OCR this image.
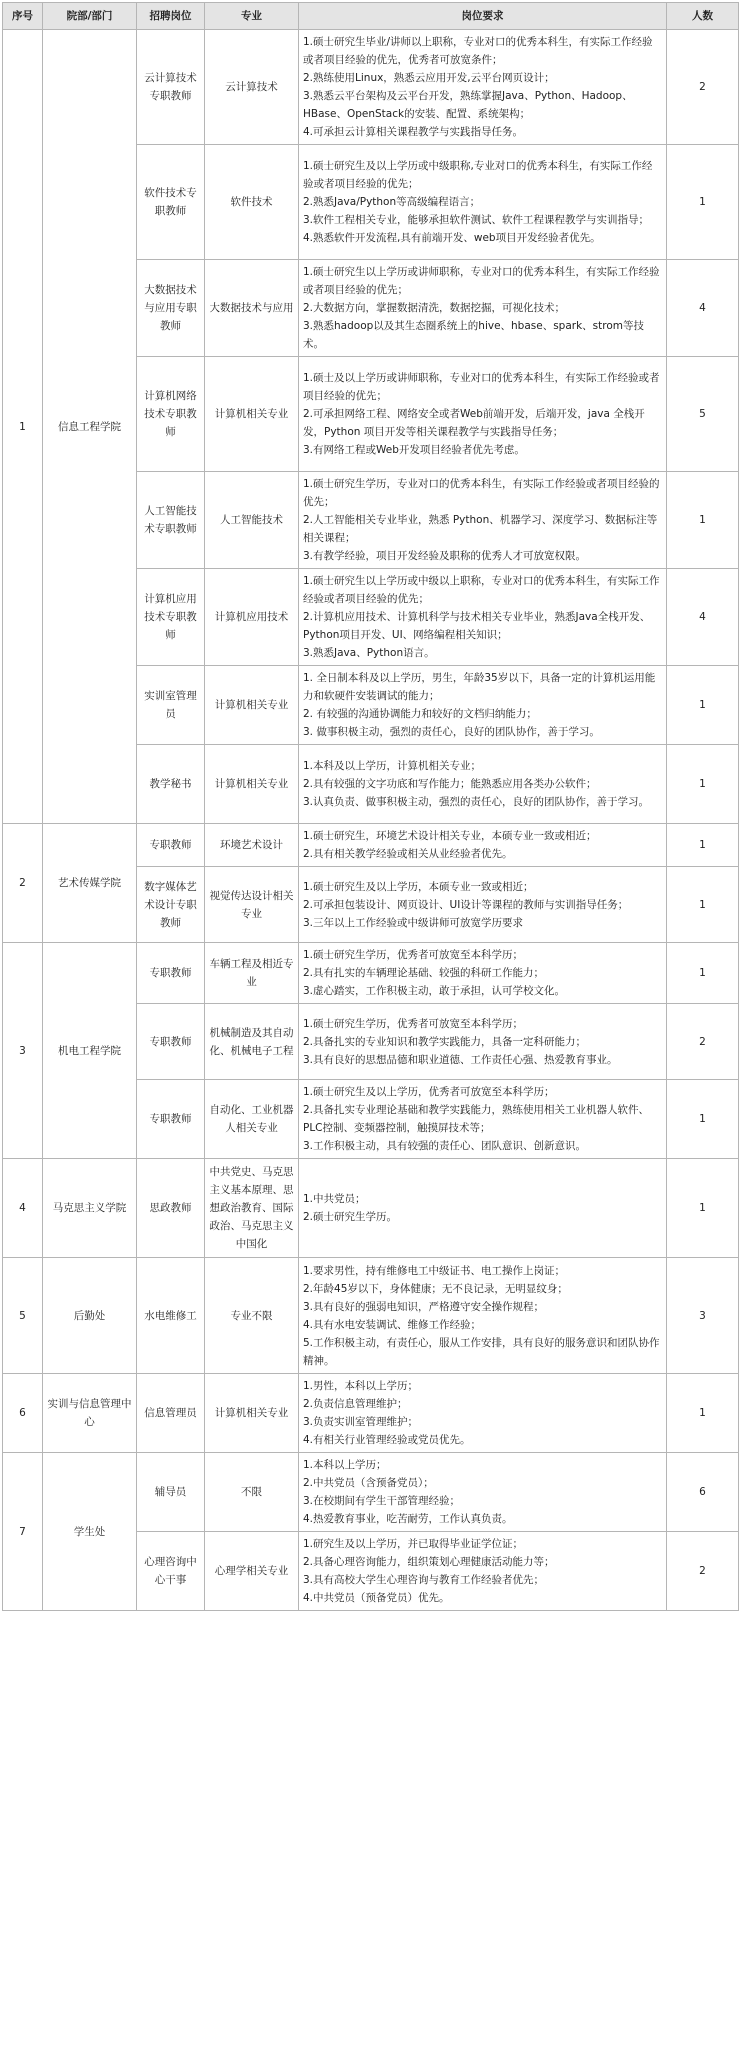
序号	院部/部门	招聘岗位	专业	岗位要求	人数
1	信息工程学院	云计算技术专职教师	云计算技术	1.硕士研究生毕业/讲师以上职称，专业对口的优秀本科生，有实际工作经验或者项目经验的优先，优秀者可放宽条件；
2.熟练使用Linux，熟悉云应用开发,云平台网页设计；
3.熟悉云平台架构及云平台开发，熟练掌握Java、Python、Hadoop、HBase、OpenStack的安装、配置、系统架构；
4.可承担云计算相关课程教学与实践指导任务。	2
		软件技术专职教师	软件技术	1.硕士研究生及以上学历或中级职称,专业对口的优秀本科生，有实际工作经验或者项目经验的优先；
2.熟悉Java/Python等高级编程语言；
3.软件工程相关专业，能够承担软件测试、软件工程课程教学与实训指导；
4.熟悉软件开发流程,具有前端开发、web项目开发经验者优先。	1
		大数据技术与应用专职教师	大数据技术与应用	1.硕士研究生以上学历或讲师职称，专业对口的优秀本科生，有实际工作经验或者项目经验的优先；
2.大数据方向，掌握数据清洗，数据挖掘，可视化技术；
3.熟悉hadoop以及其生态圈系统上的hive、hbase、spark、strom等技术。	4
		计算机网络技术专职教师	计算机相关专业	1.硕士及以上学历或讲师职称，专业对口的优秀本科生，有实际工作经验或者项目经验的优先；
2.可承担网络工程、网络安全或者Web前端开发，后端开发，java 全栈开发，Python 项目开发等相关课程教学与实践指导任务；
3.有网络工程或Web开发项目经验者优先考虑。	5
		人工智能技术专职教师	人工智能技术	1.硕士研究生学历，专业对口的优秀本科生，有实际工作经验或者项目经验的优先；
2.人工智能相关专业毕业，熟悉 Python、机器学习、深度学习、数据标注等相关课程；
3.有教学经验，项目开发经验及职称的优秀人才可放宽权限。	1
		计算机应用技术专职教师	计算机应用技术	1.硕士研究生以上学历或中级以上职称，专业对口的优秀本科生，有实际工作经验或者项目经验的优先；
2.计算机应用技术、计算机科学与技术相关专业毕业，熟悉Java全栈开发、Python项目开发、UI、网络编程相关知识；
3.熟悉Java、Python语言。	4
		实训室管理员	计算机相关专业	1. 全日制本科及以上学历，男生，年龄35岁以下，具备一定的计算机运用能力和软硬件安装调试的能力；
2. 有较强的沟通协调能力和较好的文档归纳能力；
3. 做事积极主动，强烈的责任心，良好的团队协作，善于学习。	1
		教学秘书	计算机相关专业	1.本科及以上学历，计算机相关专业；
2.具有较强的文字功底和写作能力；能熟悉应用各类办公软件；
3.认真负责、做事积极主动，强烈的责任心，良好的团队协作，善于学习。	1
2	艺术传媒学院	专职教师	环境艺术设计	1.硕士研究生，环境艺术设计相关专业，本硕专业一致或相近；
2.具有相关教学经验或相关从业经验者优先。	1
		数字媒体艺术设计专职教师	视觉传达设计相关专业	1.硕士研究生及以上学历，本硕专业一致或相近；
2.可承担包装设计、网页设计、UI设计等课程的教师与实训指导任务；
3.三年以上工作经验或中级讲师可放宽学历要求	1
3	机电工程学院	专职教师	车辆工程及相近专业	1.硕士研究生学历，优秀者可放宽至本科学历；
2.具有扎实的车辆理论基础、较强的科研工作能力；
3.虚心踏实，工作积极主动，敢于承担，认可学校文化。	1
		专职教师	机械制造及其自动化、机械电子工程	1.硕士研究生学历，优秀者可放宽至本科学历；
2.具备扎实的专业知识和教学实践能力，具备一定科研能力；
3.具有良好的思想品德和职业道德、工作责任心强、热爱教育事业。	2
		专职教师	自动化、工业机器人相关专业	1.硕士研究生及以上学历，优秀者可放宽至本科学历；
2.具备扎实专业理论基础和教学实践能力，熟练使用相关工业机器人软件、PLC控制、变频器控制，触摸屏技术等；
3.工作积极主动，具有较强的责任心、团队意识、创新意识。	1
4	马克思主义学院	思政教师	中共党史、马克思主义基本原理、思想政治教育、国际政治、马克思主义中国化	1.中共党员；
2.硕士研究生学历。	1
5	后勤处	水电维修工	专业不限	1.要求男性，持有维修电工中级证书、电工操作上岗证；
2.年龄45岁以下，身体健康；无不良记录，无明显纹身；
3.具有良好的强弱电知识，严格遵守安全操作规程；
4.具有水电安装调试、维修工作经验；
5.工作积极主动，有责任心，服从工作安排，具有良好的服务意识和团队协作精神。	3
6	实训与信息管理中心	信息管理员	计算机相关专业	1.男性，本科以上学历；
2.负责信息管理维护；
3.负责实训室管理维护；
4.有相关行业管理经验或党员优先。	1
7	学生处	辅导员	不限	1.本科以上学历；
2.中共党员（含预备党员）；
3.在校期间有学生干部管理经验；
4.热爱教育事业，吃苦耐劳，工作认真负责。	6
		心理咨询中心干事	心理学相关专业	1.研究生及以上学历，并已取得毕业证学位证；
2.具备心理咨询能力，组织策划心理健康活动能力等；
3.具有高校大学生心理咨询与教育工作经验者优先；
4.中共党员（预备党员）优先。	2
